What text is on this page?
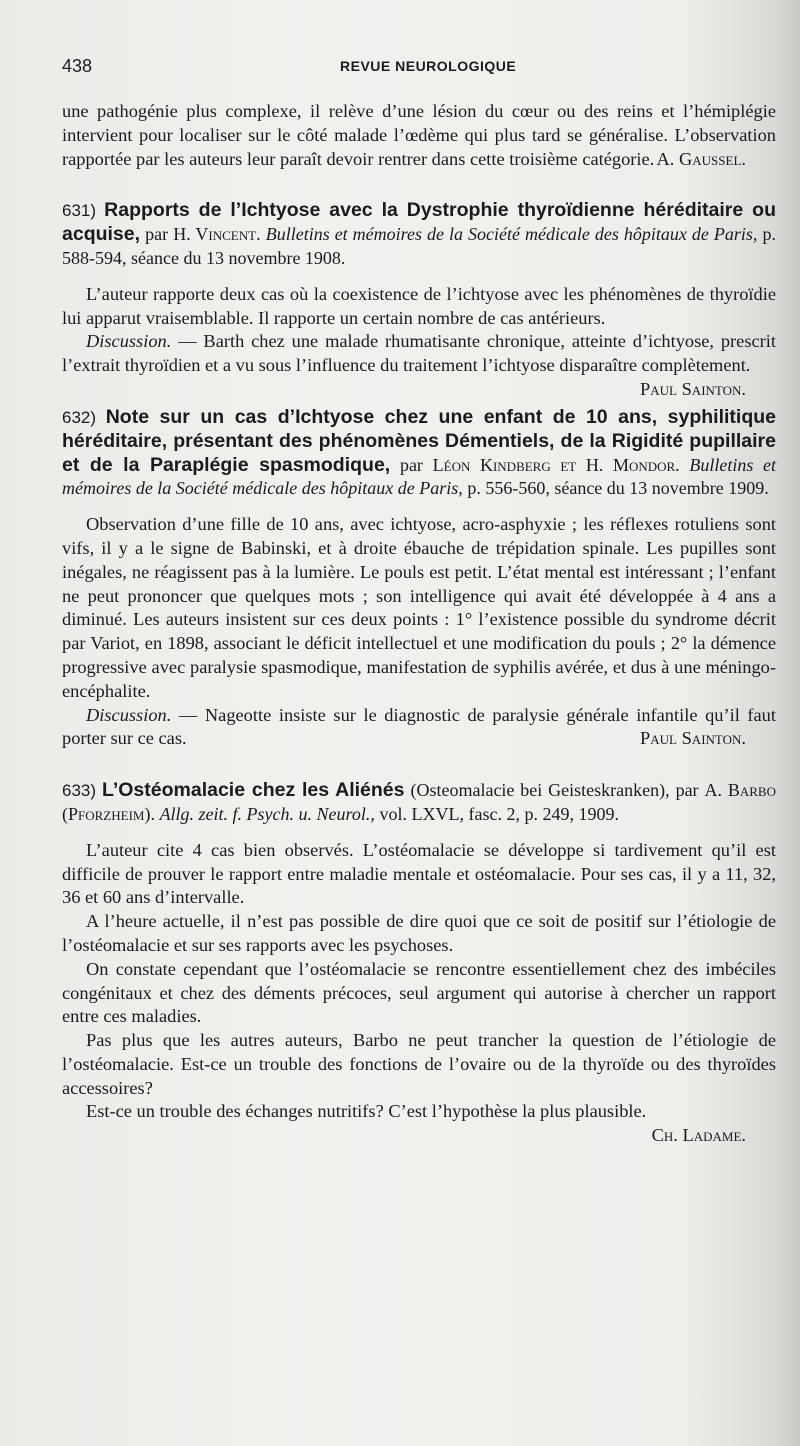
438	REVUE NEUROLOGIQUE

une pathogénie plus complexe, il relève d’une lésion du cœur ou des reins et l’hémiplégie intervient pour localiser sur le côté malade l’œdème qui plus tard se généralise. L’observation rapportée par les auteurs leur paraît devoir rentrer dans cette troisième catégorie. A. Gaussel.

631) Rapports de l’Ichtyose avec la Dystrophie thyroïdienne héréditaire ou acquise, par H. Vincent. Bulletins et mémoires de la Société médicale des hôpitaux de Paris, p. 588-594, séance du 13 novembre 1908.

L’auteur rapporte deux cas où la coexistence de l’ichtyose avec les phénomènes de thyroïdie lui apparut vraisemblable. Il rapporte un certain nombre de cas antérieurs.

Discussion. — Barth chez une malade rhumatisante chronique, atteinte d’ichtyose, prescrit l’extrait thyroïdien et a vu sous l’influence du traitement l’ichtyose disparaître complètement.
Paul Sainton.

632) Note sur un cas d’Ichtyose chez une enfant de 10 ans, syphilitique héréditaire, présentant des phénomènes Démentiels, de la Rigidité pupillaire et de la Paraplégie spasmodique, par Léon Kindberg et H. Mondor. Bulletins et mémoires de la Société médicale des hôpitaux de Paris, p. 556-560, séance du 13 novembre 1909.

Observation d’une fille de 10 ans, avec ichtyose, acro-asphyxie ; les réflexes rotuliens sont vifs, il y a le signe de Babinski, et à droite ébauche de trépidation spinale. Les pupilles sont inégales, ne réagissent pas à la lumière. Le pouls est petit. L’état mental est intéressant ; l’enfant ne peut prononcer que quelques mots ; son intelligence qui avait été développée à 4 ans a diminué. Les auteurs insistent sur ces deux points : 1° l’existence possible du syndrome décrit par Variot, en 1898, associant le déficit intellectuel et une modification du pouls ; 2° la démence progressive avec paralysie spasmodique, manifestation de syphilis avérée, et dus à une méningo-encéphalite.

Discussion. — Nageotte insiste sur le diagnostic de paralysie générale infantile qu’il faut porter sur ce cas.	Paul Sainton.

633) L’Ostéomalacie chez les Aliénés (Osteomalacie bei Geisteskranken), par A. Barbo (Pforzheim). Allg. zeit. f. Psych. u. Neurol., vol. LXVL, fasc. 2, p. 249, 1909.

L’auteur cite 4 cas bien observés. L’ostéomalacie se développe si tardivement qu’il est difficile de prouver le rapport entre maladie mentale et ostéomalacie. Pour ses cas, il y a 11, 32, 36 et 60 ans d’intervalle.

A l’heure actuelle, il n’est pas possible de dire quoi que ce soit de positif sur l’étiologie de l’ostéomalacie et sur ses rapports avec les psychoses.

On constate cependant que l’ostéomalacie se rencontre essentiellement chez des imbéciles congénitaux et chez des déments précoces, seul argument qui autorise à chercher un rapport entre ces maladies.

Pas plus que les autres auteurs, Barbo ne peut trancher la question de l’étiologie de l’ostéomalacie. Est-ce un trouble des fonctions de l’ovaire ou de la thyroïde ou des thyroïdes accessoires?

Est-ce un trouble des échanges nutritifs? C’est l’hypothèse la plus plausible.

Ch. Ladame.
